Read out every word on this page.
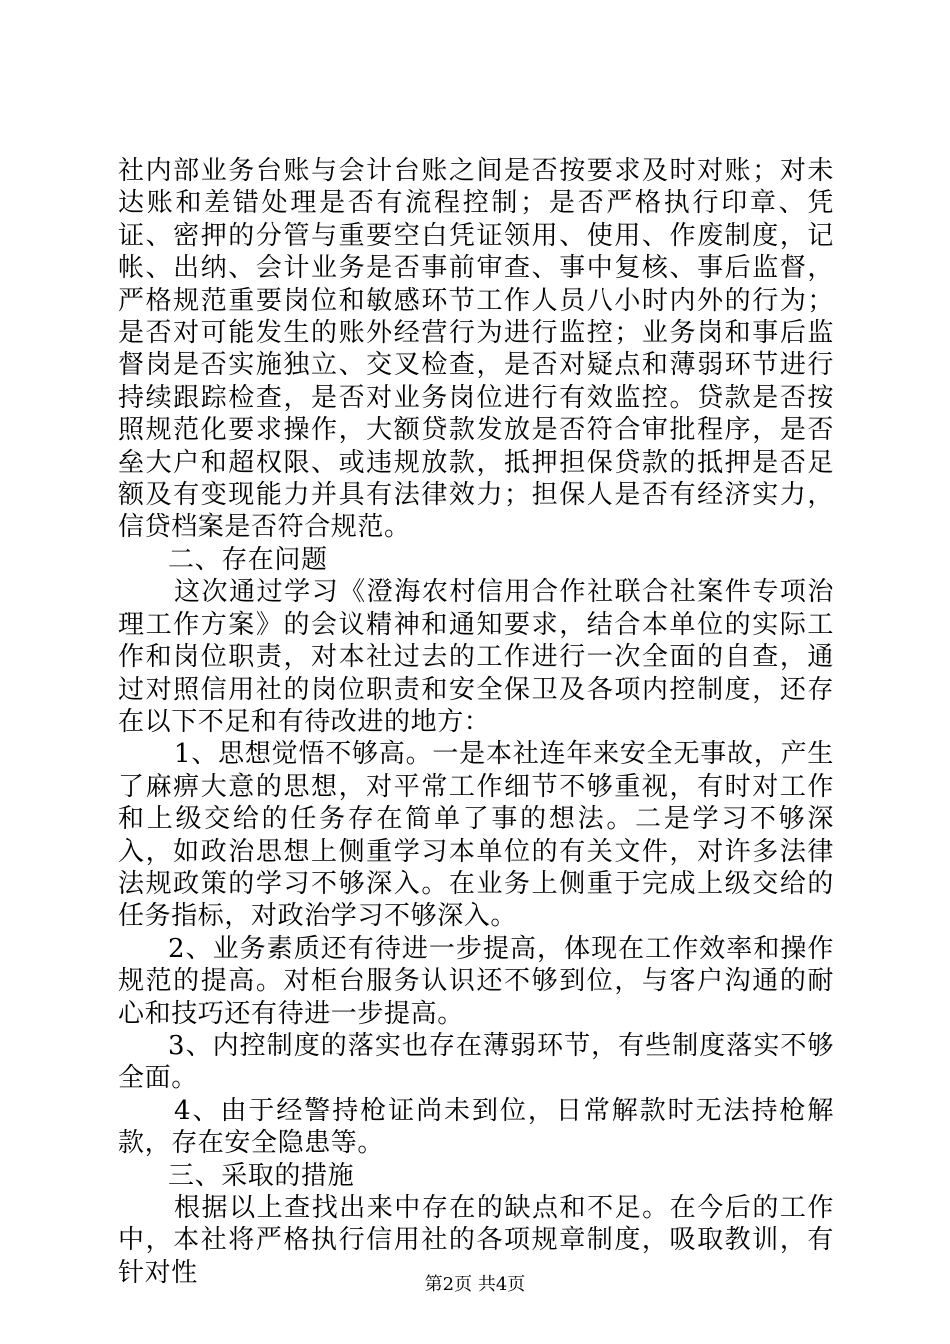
社内部业务台账与会计台账之间是否按要求及时对账；对未达账和差错处理是否有流程控制；是否严格执行印章、凭证、密押的分管与重要空白凭证领用、使用、作废制度，记帐、出纳、会计业务是否事前审查、事中复核、事后监督，严格规范重要岗位和敏感环节工作人员八小时内外的行为；是否对可能发生的账外经营行为进行监控；业务岗和事后监督岗是否实施独立、交叉检查，是否对疑点和薄弱环节进行持续跟踪检查，是否对业务岗位进行有效监控。贷款是否按照规范化要求操作，大额贷款发放是否符合审批程序，是否垒大户和超权限、或违规放款，抵押担保贷款的抵押是否足额及有变现能力并具有法律效力；担保人是否有经济实力，信贷档案是否符合规范。

二、存在问题

这次通过学习《澄海农村信用合作社联合社案件专项治理工作方案》的会议精神和通知要求，结合本单位的实际工作和岗位职责，对本社过去的工作进行一次全面的自查，通过对照信用社的岗位职责和安全保卫及各项内控制度，还存在以下不足和有待改进的地方：

1、思想觉悟不够高。一是本社连年来安全无事故，产生了麻痹大意的思想，对平常工作细节不够重视，有时对工作和上级交给的任务存在简单了事的想法。二是学习不够深入，如政治思想上侧重学习本单位的有关文件，对许多法律法规政策的学习不够深入。在业务上侧重于完成上级交给的任务指标，对政治学习不够深入。

2、业务素质还有待进一步提高，体现在工作效率和操作规范的提高。对柜台服务认识还不够到位，与客户沟通的耐心和技巧还有待进一步提高。

3、内控制度的落实也存在薄弱环节，有些制度落实不够全面。

4、由于经警持枪证尚未到位，日常解款时无法持枪解款，存在安全隐患等。

三、采取的措施

根据以上查找出来中存在的缺点和不足。在今后的工作中，本社将严格执行信用社的各项规章制度，吸取教训，有针对性	第2页 共4页
